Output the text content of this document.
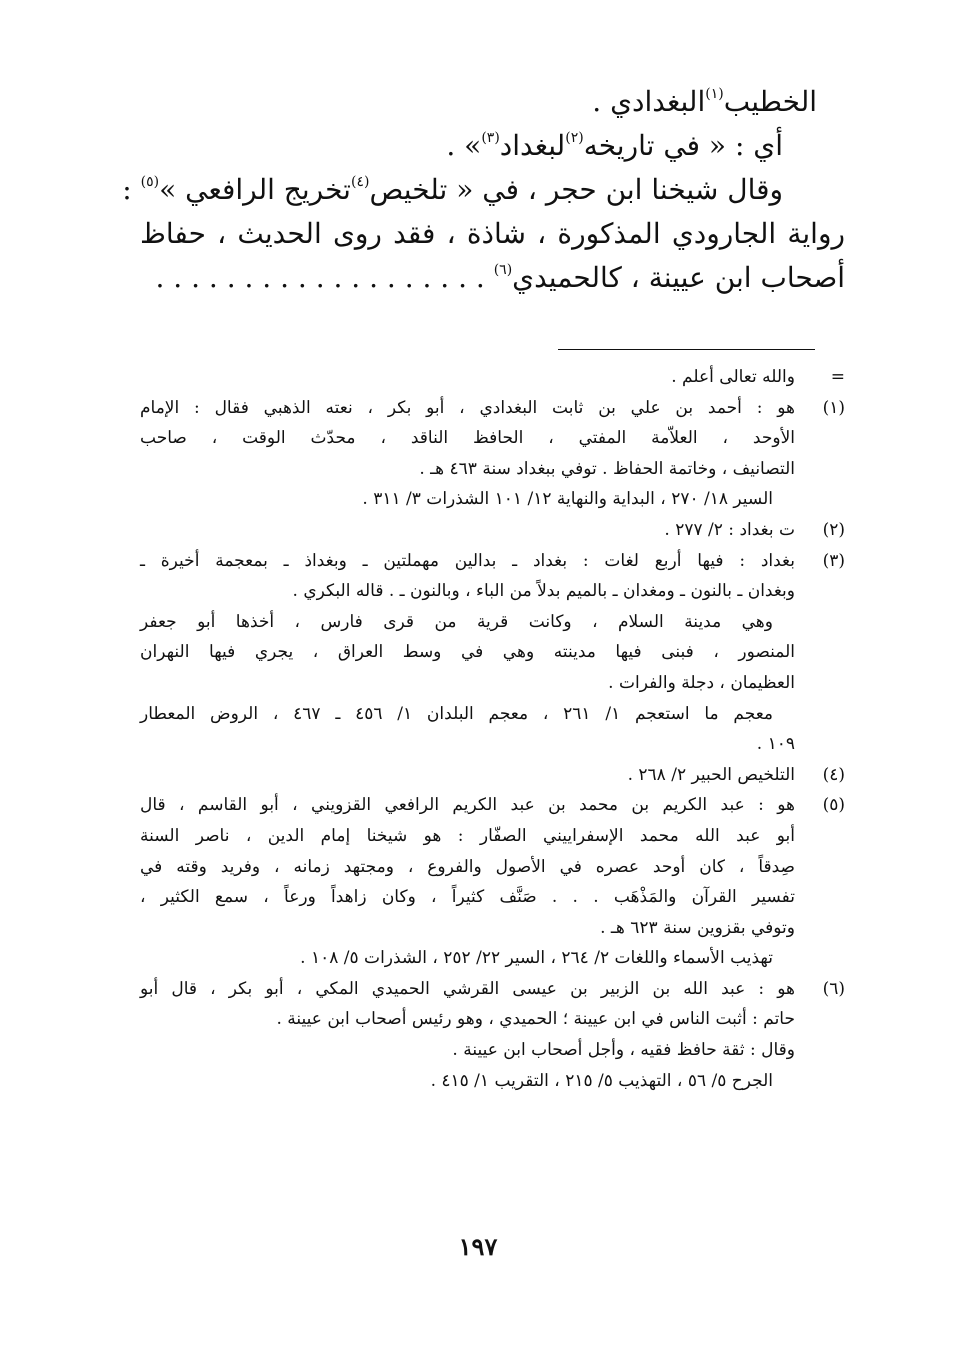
الخطيب$^{(١)}$البغدادي .
أي : « في تاريخه$^{(٢)}$لبغداد$^{(٣)}$» .
وقال شيخنا ابن حجر ، في « تلخيص$^{(٤)}$تخريج الرافعي »$^{(٥)}$ :
رواية الجارودي المذكورة ، شاذة ، فقد روى الحديث ، حفاظ
أصحاب ابن عيينة ، كالحميدي$^{(٦)}$ . . . . . . . . . . . . . . . . . . .
=
والله تعالى أعلم .
(١)
هو : أحمد بن علي بن ثابت البغدادي ، أبو بكر ، نعته الذهبي فقال : الإمام
الأوحد ، العلاّمة المفتي ، الحافظ الناقد ، محدّث الوقت ، صاحب
التصانيف ، وخاتمة الحفاظ . توفي ببغداد سنة ٤٦٣ هـ .
السير ١٨/ ٢٧٠ ، البداية والنهاية ١٢/ ١٠١ الشذرات ٣/ ٣١١ .
(٢)
ت بغداد : ٢/ ٢٧٧ .
(٣)
بغداد : فيها أربع لغات : بغداد ـ بدالين مهملتين ـ وبغداذ ـ بمعجمة أخيرة ـ
وبغدان ـ بالنون ـ ومغدان ـ بالميم بدلاً من الباء ، وبالنون ـ . قاله البكري .
وهي مدينة السلام ، وكانت قرية من قرى فارس ، أخذها أبو جعفر
المنصور ، فبنى فيها مدينته وهي في وسط العراق ، يجري فيها النهران
العظيمان ، دجلة والفرات .
معجم ما استعجم ١/ ٢٦١ ، معجم البلدان ١/ ٤٥٦ ـ ٤٦٧ ، الروض المعطار
١٠٩ .
(٤)
التلخيص الحبير ٢/ ٢٦٨ .
(٥)
هو : عبد الكريم بن محمد بن عبد الكريم الرافعي القزويني ، أبو القاسم ، قال
أبو عبد الله محمد الإسفراييني الصفّار : هو شيخنا إمام الدين ، ناصر السنة
صِدقاً ، كان أوحد عصره في الأصول والفروع ، ومجتهد زمانه ، وفريد وقته في
تفسير القرآن والمَذْهَب . . . صَنَّف كثيراً ، وكان زاهداً ورعاً ، سمع الكثير ،
وتوفي بقزوين سنة ٦٢٣ هـ .
تهذيب الأسماء واللغات ٢/ ٢٦٤ ، السير ٢٢/ ٢٥٢ ، الشذرات ٥/ ١٠٨ .
(٦)
هو : عبد الله بن الزبير بن عيسى القرشي الحميدي المكي ، أبو بكر ، قال أبو
حاتم : أثبت الناس في ابن عيينة ؛ الحميدي ، وهو رئيس أصحاب ابن عيينة .
وقال : ثقة حافظ فقيه ، وأجل أصحاب ابن عيينة .
الجرح ٥/ ٥٦ ، التهذيب ٥/ ٢١٥ ، التقريب ١/ ٤١٥ .
١٩٧
